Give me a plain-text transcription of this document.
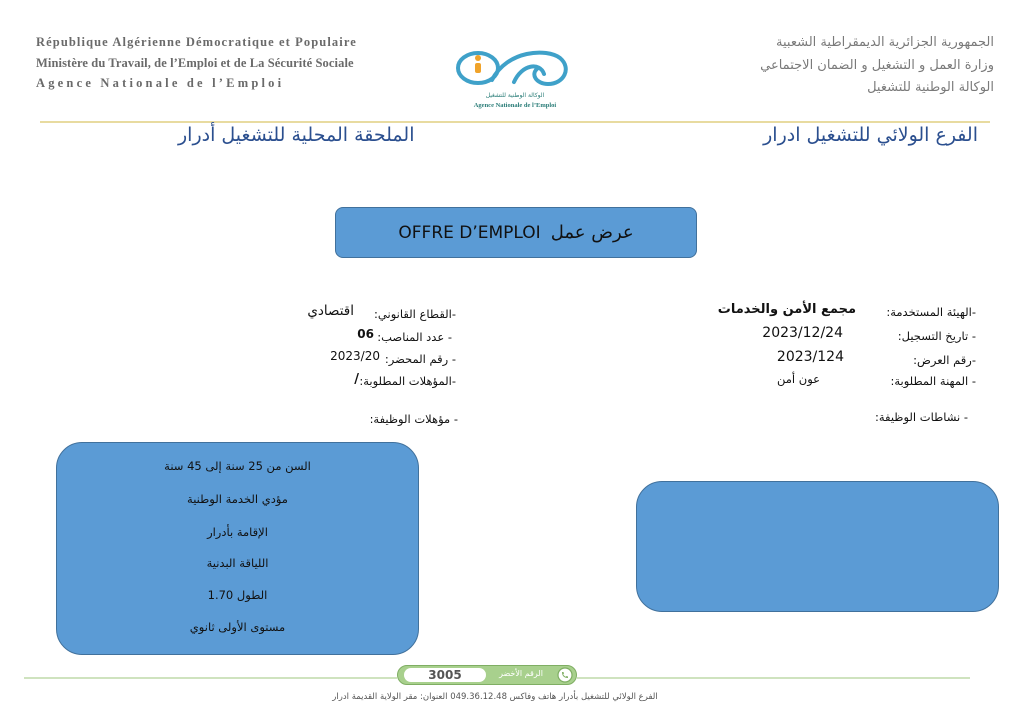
République Algérienne Démocratique et Populaire
Ministère du Travail, de l’Emploi et de La Sécurité Sociale
Agence Nationale de l’Emploi
الجمهورية الجزائرية الديمقراطية الشعبية
وزارة العمل و التشغيل و الضمان الاجتماعي
الوكالة الوطنية للتشغيل
الوكالة الوطنية للتشغيل
Agence Nationale de l’Emploi
الفرع الولائي للتشغيل ادرار
الملحقة المحلية للتشغيل أدرار
OFFRE D’EMPLOI عرض عمل
-الهيئة المستخدمة:
مجمع الأمن والخدمات
- تاريخ التسجيل:
2023/12/24
-رقم العرض:
2023/124
- المهنة المطلوبة:
عون أمن
- نشاطات الوظيفة:
-القطاع القانوني:
اقتصادي
- عدد المناصب:
06
- رقم المحضر:
2023/20
-المؤهلات المطلوبة:
/
- مؤهلات الوظيفة:
السن من 25 سنة إلى 45 سنة
مؤدي الخدمة الوطنية
الإقامة بأدرار
اللياقة البدنية
الطول 1.70
مستوى الأولى ثانوي
3005	الرقم الأخضر
الفرع الولائي للتشغيل بأدرار هاتف وفاكس 049.36.12.48 العنوان: مقر الولاية القديمة ادرار
